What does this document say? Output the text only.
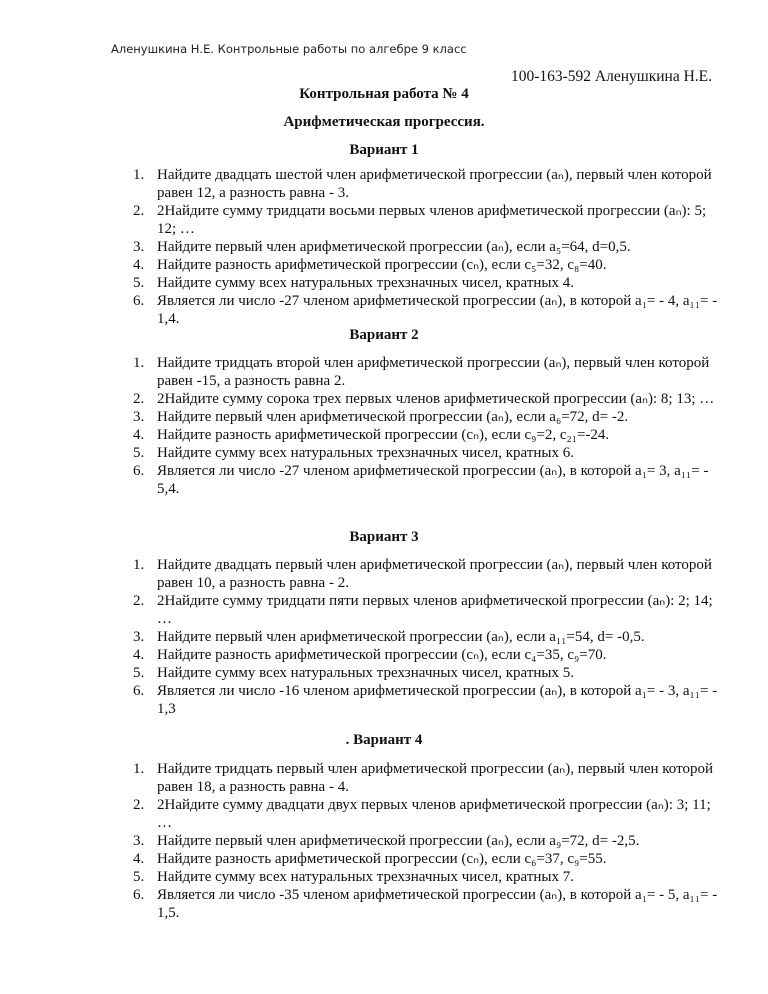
Аленушкина Н.Е. Контрольные работы по алгебре 9 класс
100-163-592 Аленушкина Н.Е.
Контрольная работа № 4
Арифметическая прогрессия.
Вариант 1
1. Найдите двадцать шестой член арифметической прогрессии (aₙ), первый член которой равен 12, а разность равна - 3.
2. 2Найдите сумму тридцати восьми первых членов арифметической прогрессии (aₙ): 5; 12; …
3. Найдите первый член арифметической прогрессии (aₙ), если a₅=64, d=0,5.
4. Найдите разность арифметической прогрессии (cₙ), если c₅=32, c₈=40.
5. Найдите сумму всех натуральных трехзначных чисел, кратных 4.
6. Является ли число -27 членом арифметической прогрессии (aₙ), в которой a₁= - 4, a₁₁= - 1,4.
Вариант 2
1. Найдите тридцать второй член арифметической прогрессии (aₙ), первый член которой равен -15, а разность равна 2.
2. 2Найдите сумму сорока трех первых членов арифметической прогрессии (aₙ): 8; 13; …
3. Найдите первый член арифметической прогрессии (aₙ), если a₆=72, d= -2.
4. Найдите разность арифметической прогрессии (cₙ), если c₉=2, c₂₁=-24.
5. Найдите сумму всех натуральных трехзначных чисел, кратных 6.
6. Является ли число -27 членом арифметической прогрессии (aₙ), в которой a₁= 3, a₁₁= - 5,4.
Вариант 3
1. Найдите двадцать первый член арифметической прогрессии (aₙ), первый член которой равен 10, а разность равна - 2.
2. 2Найдите сумму тридцати пяти первых членов арифметической прогрессии (aₙ): 2; 14; …
3. Найдите первый член арифметической прогрессии (aₙ), если a₁₁=54, d= -0,5.
4. Найдите разность арифметической прогрессии (cₙ), если c₄=35, c₉=70.
5. Найдите сумму всех натуральных трехзначных чисел, кратных 5.
6. Является ли число -16 членом арифметической прогрессии (aₙ), в которой a₁= - 3, a₁₁= - 1,3
. Вариант 4
1. Найдите тридцать первый член арифметической прогрессии (aₙ), первый член которой равен 18, а разность равна - 4.
2. 2Найдите сумму двадцати двух первых членов арифметической прогрессии (aₙ): 3; 11; …
3. Найдите первый член арифметической прогрессии (aₙ), если a₉=72, d= -2,5.
4. Найдите разность арифметической прогрессии (cₙ), если c₆=37, c₉=55.
5. Найдите сумму всех натуральных трехзначных чисел, кратных 7.
6. Является ли число -35 членом арифметической прогрессии (aₙ), в которой a₁= - 5, a₁₁= - 1,5.
